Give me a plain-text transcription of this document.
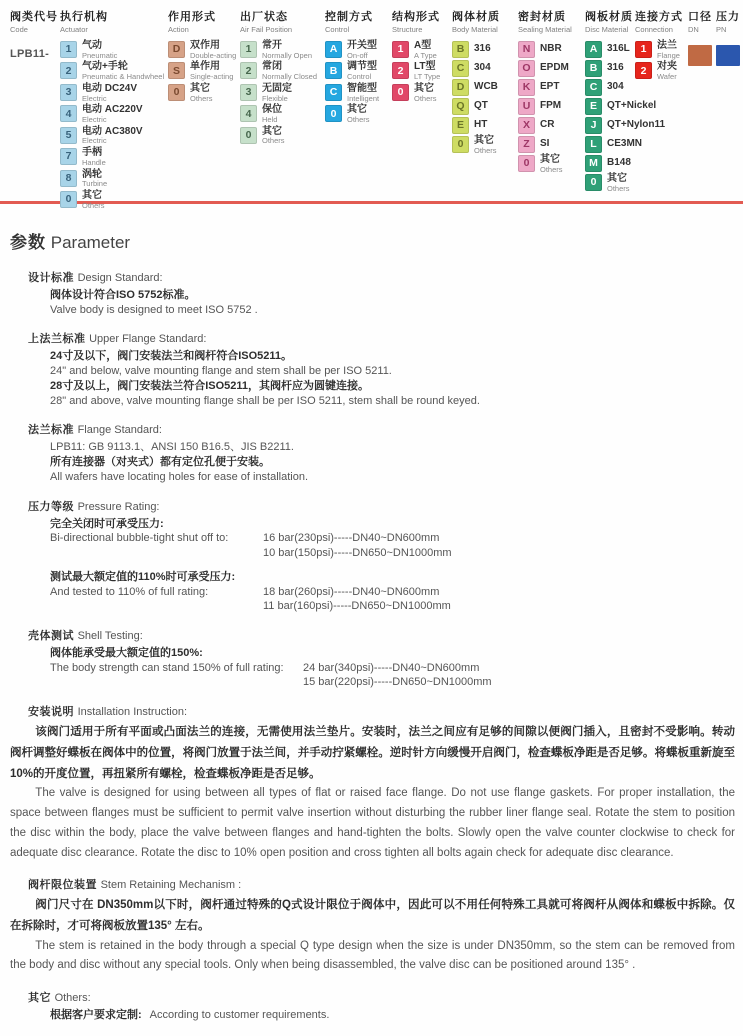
阀类代号
Code
LPB11-
执行机构
Actuator
1	气动
Pneumatic
2	气动+手轮
Pneumatic & Handwheel
3	电动 DC24V
Electric
4	电动 AC220V
Electric
5	电动 AC380V
Electric
7	手柄
Handle
8	涡轮
Turbine
0	其它
Others
作用形式
Action
D 双作用
Double-acting
S	单作用
Single-acting
0	其它
Others
出厂状态
Air Fail Position
1	常开
Normally Open
2	常闭
Normally Closed
3	无固定
Flexible
4	保位
Held
0	其它
Others
控制方式
Control
A 开关型
On-off
B 调节型
Control
C 智能型
Intelligent
0	其它
Others
结构形式
Structure
1	A型
A Type
2	LT型
LT Type
0	其它
Others
阀体材质
Body Material
B 316
C 304
D WCB
Q QT
E	HT
0	其它
Others
密封材质
Sealing Material
N NBR
O EPDM
K EPT
U FPM
X	CR
Z	SI
0	其它
Others
阀板材质
Disc Material
A 316L
B 316
C 304
E	QT+Nickel
J	QT+Nylon11
L	CE3MN
M B148
0	其它
Others
连接方式
Connection
1	法兰
Flange
2	对夹
Wafer
口径
DN
压力
PN
参数 Parameter
设计标准 Design Standard:
阀体设计符合ISO 5752标准。
Valve body is designed to meet ISO 5752 .
上法兰标准 Upper Flange Standard:
24寸及以下，阀门安装法兰和阀杆符合ISO5211。
24" and below, valve mounting flange and stem shall be per ISO 5211.
28寸及以上，阀门安装法兰符合ISO5211，其阀杆应为圆键连接。
28" and above, valve mounting flange shall be per ISO 5211, stem shall be round keyed.
法兰标准 Flange Standard:
LPB11: GB 9113.1、ANSI 150 B16.5、JIS B2211.
所有连接器（对夹式）都有定位孔便于安装。
All wafers have locating holes for ease of installation.
压力等级 Pressure Rating:
完全关闭时可承受压力:
Bi-directional bubble-tight shut off to:	16 bar(230psi)-----DN40~DN600mm
10 bar(150psi)-----DN650~DN1000mm
测试最大额定值的110%时可承受压力:
And tested to 110% of full rating:	18 bar(260psi)-----DN40~DN600mm
11 bar(160psi)-----DN650~DN1000mm
壳体测试 Shell Testing:
阀体能承受最大额定值的150%:
The body strength can stand 150% of full rating:	24 bar(340psi)-----DN40~DN600mm
15 bar(220psi)-----DN650~DN1000mm
安装说明 Installation Instruction:
该阀门适用于所有平面或凸面法兰的连接，无需使用法兰垫片。安装时，法兰之间应有足够的间隙以便阀门插入，且密封不受影响。转动阀杆调整好蝶板在阀体中的位置，将阀门放置于法兰间，并手动拧紧螺栓。逆时针方向缓慢开启阀门，检查蝶板净距是否足够。将蝶板重新旋至10%的开度位置，再扭紧所有螺栓，检查蝶板净距是否足够。
The valve is designed for using between all types of flat or raised face flange. Do not use flange gaskets. For proper installation, the space between flanges must be sufficient to permit valve insertion without disturbing the rubber liner flange seal. Rotate the stem to position the disc within the body, place the valve between flanges and hand-tighten the bolts. Slowly open the valve counter clockwise to check for adequate disc clearance. Rotate the disc to 10% open position and cross tighten all bolts again check for adequate disc clearance.
阀杆限位装置 Stem Retaining Mechanism :
阀门尺寸在 DN350mm以下时，阀杆通过特殊的Q式设计限位于阀体中，因此可以不用任何特殊工具就可将阀杆从阀体和蝶板中拆除。仅在拆除时，才可将阀板放置135° 左右。
The stem is retained in the body through a special Q type design when the size is under DN350mm, so the stem can be removed from the body and disc without any special tools. Only when being disassembled, the valve disc can be positioned around 135° .
其它 Others:
根据客户要求定制: According to customer requirements.
